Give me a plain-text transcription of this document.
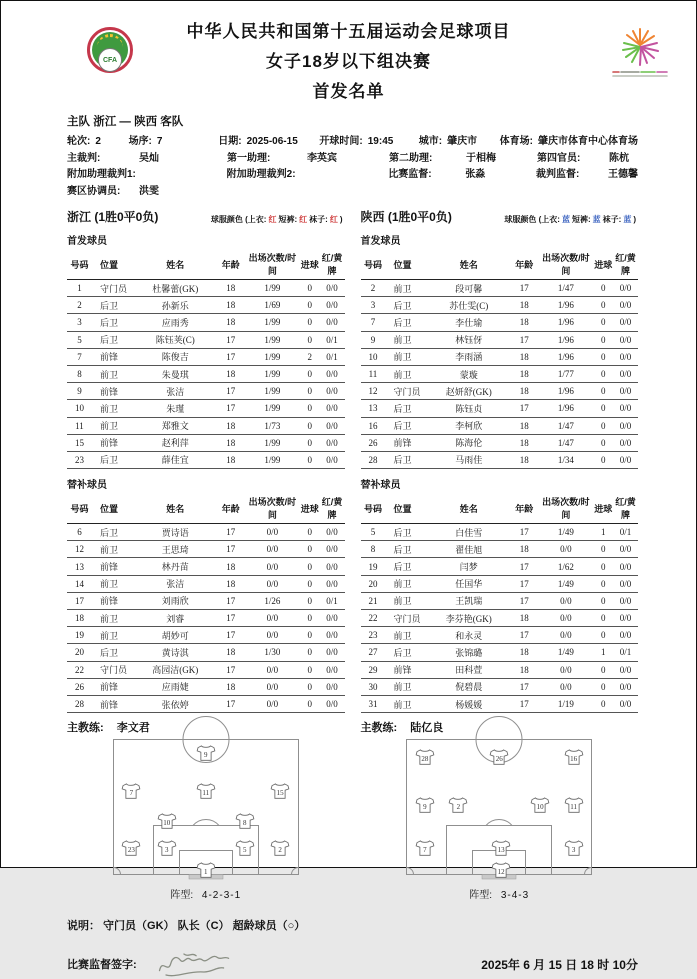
CFA
中华人民共和国第十五届运动会足球项目
女子18岁以下组决赛
首发名单
主队 浙江 — 陕西 客队
轮次: 2	场序: 7	日期: 2025-06-15 开球时间: 19:45	城市: 肇庆市 体育场: 肇庆市体育中心体育场
主裁判:	吴灿	第一助理:	李英宾	第二助理:	于相梅	第四官员:	陈杭
附加助理裁判1:	附加助理裁判2:	比赛监督:	张淼	裁判监督:	王德馨
赛区协调员:	洪雯
浙江 (1胜0平0负)	球服颜色 (上衣: 红 短裤: 红 袜子: 红 )
首发球员
号码	位置	姓名	年龄	出场次数/时间	进球	红/黄牌
1	守门员	杜馨蕾(GK)	18	1/99	0	0/0
2	后卫	孙新乐	18	1/69	0	0/0
3	后卫	应雨秀	18	1/99	0	0/0
5	后卫	陈钰荚(C)	17	1/99	0	0/1
7	前锋	陈俊吉	17	1/99	2	0/1
8	前卫	朱曼琪	18	1/99	0	0/0
9	前锋	张洁	17	1/99	0	0/0
10	前卫	朱瑾	17	1/99	0	0/0
11	前卫	郑雅文	18	1/73	0	0/0
15	前锋	赵利萍	18	1/99	0	0/0
23	后卫	薛佳宜	18	1/99	0	0/0
替补球员
号码	位置	姓名	年龄	出场次数/时间	进球	红/黄牌
6	后卫	贾诗语	17	0/0	0	0/0
12	前卫	王思琦	17	0/0	0	0/0
13	前锋	林丹苗	18	0/0	0	0/0
14	前卫	张洁	18	0/0	0	0/0
17	前锋	刘雨欣	17	1/26	0	0/1
18	前卫	刘睿	17	0/0	0	0/0
19	前卫	胡妙可	17	0/0	0	0/0
20	后卫	黄诗淇	18	1/30	0	0/0
22	守门员	高园洁(GK)	17	0/0	0	0/0
26	前锋	应雨婕	18	0/0	0	0/0
28	前锋	张依婷	17	0/0	0	0/0
主教练: 李文君
9
7	11	15
10	8
23	3	5	2
1
阵型: 4-2-3-1
陕西 (1胜0平0负)	球服颜色 (上衣: 蓝 短裤: 蓝 袜子: 蓝 )
首发球员
号码	位置	姓名	年龄	出场次数/时间	进球	红/黄牌
2	前卫	段可馨	17	1/47	0	0/0
3	后卫	苏仕雯(C)	18	1/96	0	0/0
7	后卫	李仕瑜	18	1/96	0	0/0
9	前卫	林钰伢	17	1/96	0	0/0
10	前卫	李雨涵	18	1/96	0	0/0
11	前卫	蒙璇	18	1/77	0	0/0
12	守门员	赵妍舒(GK)	18	1/96	0	0/0
13	后卫	陈钰贞	17	1/96	0	0/0
16	后卫	李柯欣	18	1/47	0	0/0
26	前锋	陈海伦	18	1/47	0	0/0
28	后卫	马雨佳	18	1/34	0	0/0
替补球员
号码	位置	姓名	年龄	出场次数/时间	进球	红/黄牌
5	后卫	白佳雪	17	1/49	1	0/1
8	后卫	翟佳旭	18	0/0	0	0/0
19	后卫	闫梦	17	1/62	0	0/0
20	前卫	任国华	17	1/49	0	0/0
21	前卫	王凯瑞	17	0/0	0	0/0
22	守门员	李芬艳(GK)	18	0/0	0	0/0
23	前卫	和永灵	17	0/0	0	0/0
27	后卫	张锦璐	18	1/49	1	0/1
29	前锋	田科萱	18	0/0	0	0/0
30	前卫	倪碧晨	17	0/0	0	0/0
31	前卫	杨媛媛	17	1/19	0	0/0
主教练: 陆亿良
28	26	16
9	2	10	11
7	13	3
12
阵型: 3-4-3
说明： 守门员（GK） 队长（C） 超龄球员（○）
比赛监督签字:	2025年 6 月 15 日 18 时 10分
